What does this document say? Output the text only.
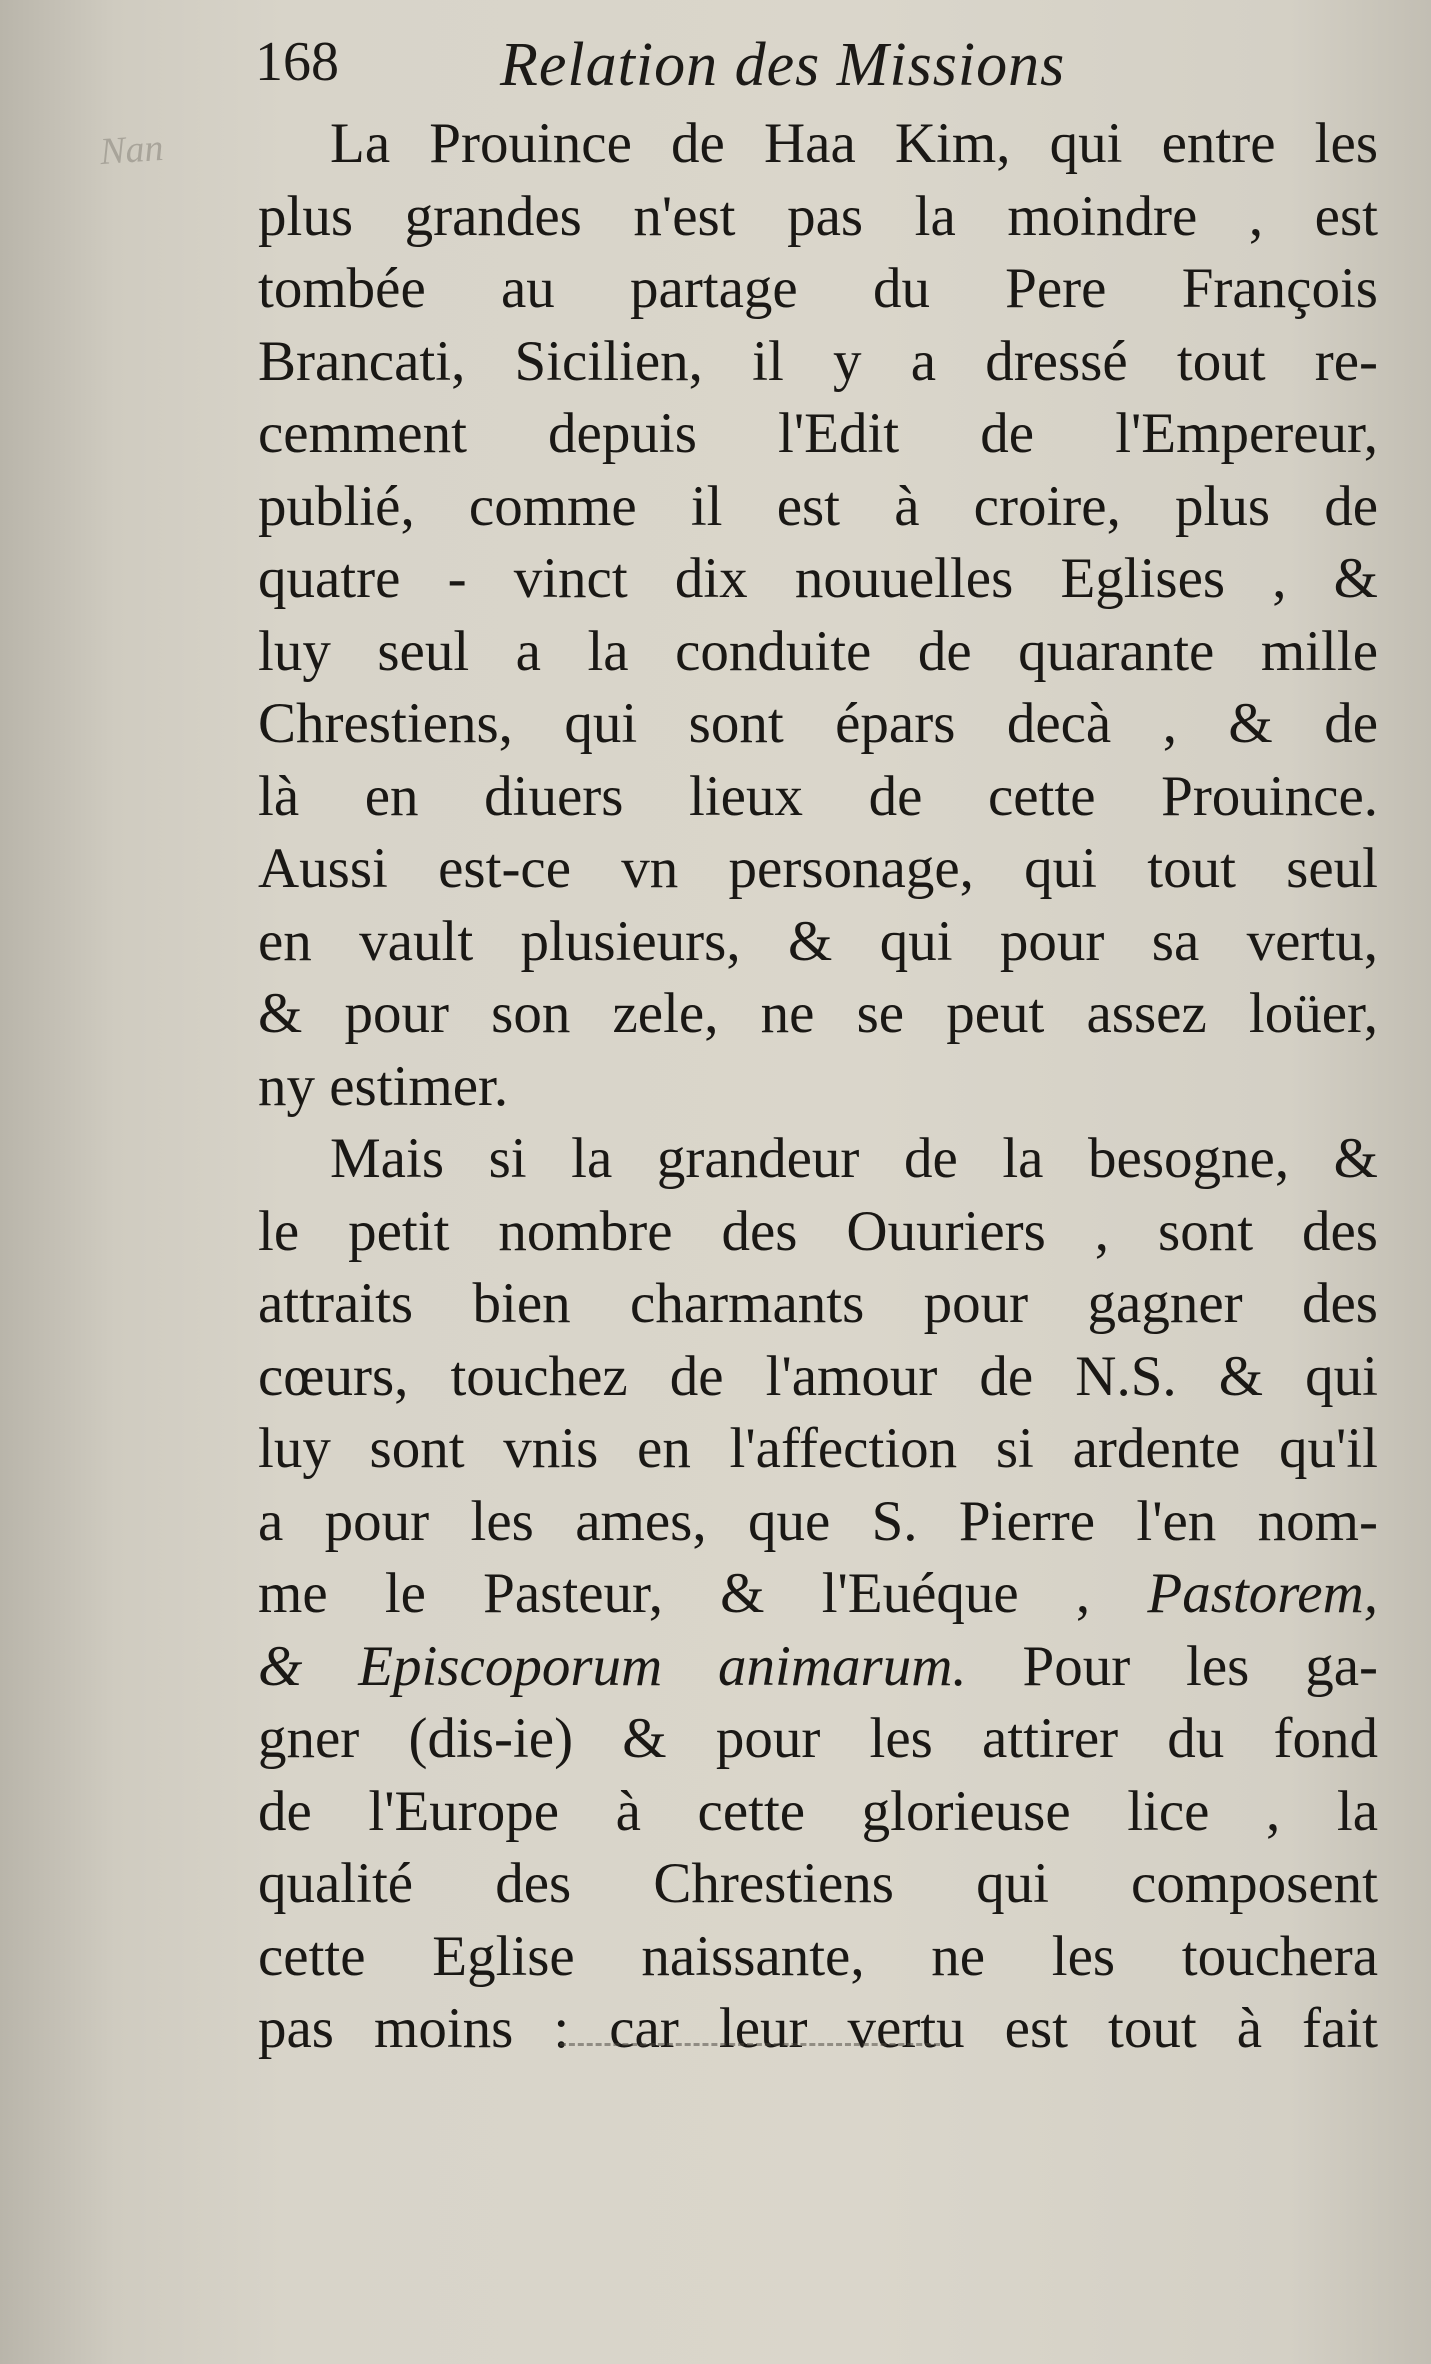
168	Relation des Missions
Nan	La Prouince de Haa Kim, qui entre les
plus grandes n'est pas la moindre , est
tombée au partage du Pere François
Brancati, Sicilien, il y a dressé tout re-
cemment depuis l'Edit de l'Empereur,
publié, comme il est à croire, plus de
quatre - vinct dix nouuelles Eglises , &
luy seul a la conduite de quarante mille
Chrestiens, qui sont épars decà , & de
là en diuers lieux de cette Prouince.
Aussi est-ce vn personage, qui tout seul
en vault plusieurs, & qui pour sa vertu,
& pour son zele, ne se peut assez loüer,
ny estimer.
Mais si la grandeur de la besogne, &
le petit nombre des Ouuriers , sont des
attraits bien charmants pour gagner des
cœurs, touchez de l'amour de N.S. & qui
luy sont vnis en l'affection si ardente qu'il
a pour les ames, que S. Pierre l'en nom-
me le Pasteur, & l'Euéque , Pastorem,
& Episcoporum animarum. Pour les ga-
gner (dis-ie) & pour les attirer du fond
de l'Europe à cette glorieuse lice , la
qualité des Chrestiens qui composent
cette Eglise naissante, ne les touchera
pas moins : car leur vertu est tout à fait
